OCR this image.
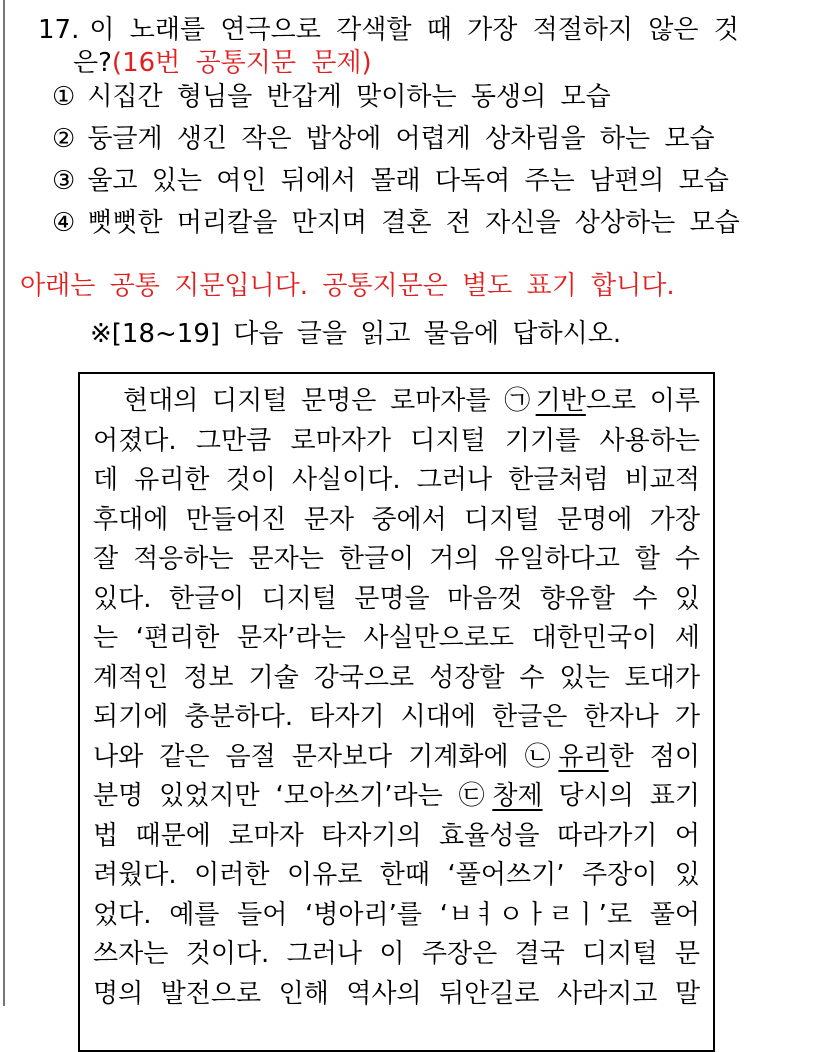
17. 이 노래를 연극으로 각색할 때 가장 적절하지 않은 것
은?(16번 공통지문 문제)
① 시집간 형님을 반갑게 맞이하는 동생의 모습
② 둥글게 생긴 작은 밥상에 어렵게 상차림을 하는 모습
③ 울고 있는 여인 뒤에서 몰래 다독여 주는 남편의 모습
④ 뻣뻣한 머리칼을 만지며 결혼 전 자신을 상상하는 모습
아래는 공통 지문입니다. 공통지문은 별도 표기 합니다.
※[18~19] 다음 글을 읽고 물음에 답하시오.
현대의 디지털 문명은 로마자를 ㉠기반으로 이루
어졌다. 그만큼 로마자가 디지털 기기를 사용하는
데 유리한 것이 사실이다. 그러나 한글처럼 비교적
후대에 만들어진 문자 중에서 디지털 문명에 가장
잘 적응하는 문자는 한글이 거의 유일하다고 할 수
있다. 한글이 디지털 문명을 마음껏 향유할 수 있
는 ‘편리한 문자’라는 사실만으로도 대한민국이 세
계적인 정보 기술 강국으로 성장할 수 있는 토대가
되기에 충분하다. 타자기 시대에 한글은 한자나 가
나와 같은 음절 문자보다 기계화에 ㉡유리한 점이
분명 있었지만 ‘모아쓰기’라는 ㉢창제 당시의 표기
법 때문에 로마자 타자기의 효율성을 따라가기 어
려웠다. 이러한 이유로 한때 ‘풀어쓰기’ 주장이 있
었다. 예를 들어 ‘병아리’를 ‘ㅂㅕㅇㅏㄹㅣ’로 풀어
쓰자는 것이다. 그러나 이 주장은 결국 디지털 문
명의 발전으로 인해 역사의 뒤안길로 사라지고 말
